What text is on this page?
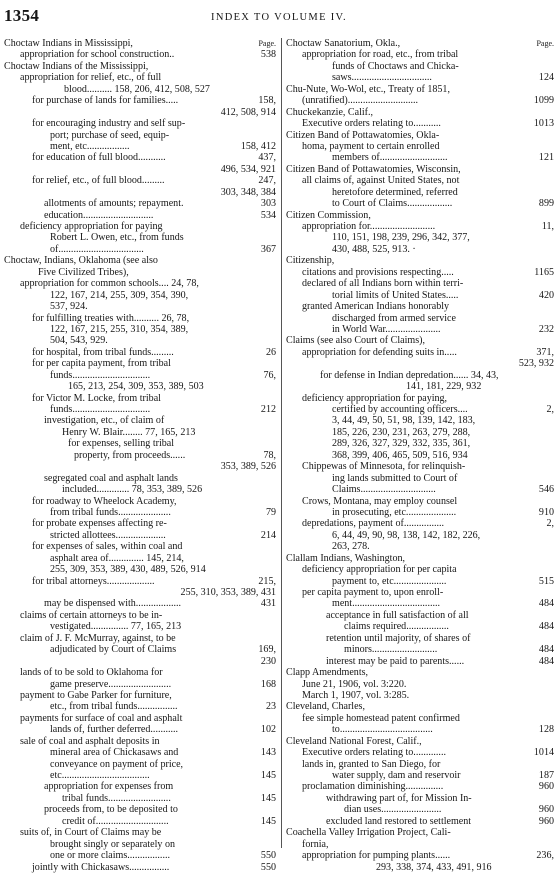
1354	INDEX TO VOLUME IV.
Choctaw Indians in Mississippi,	Page.
appropriation for school construction..	538
Choctaw Indians of the Mississippi,
appropriation for relief, etc., of full
blood.......... 158, 206, 412, 508, 527
for purchase of lands for families.....	158,
412, 508, 914
for encouraging industry and self sup-
port; purchase of seed, equip-
ment, etc.................	158, 412
for education of full blood...........	437,
496, 534, 921
for relief, etc., of full blood.........	247,
303, 348, 384
allotments of amounts; repayment.	303
education............................	534
deficiency appropriation for paying
Robert L. Owen, etc., from funds
of..................................	367
Choctaw, Indians, Oklahoma (see also
Five Civilized Tribes),
appropriation for common schools.... 24, 78,
122, 167, 214, 255, 309, 354, 390,
537, 924.
for fulfilling treaties with.......... 26, 78,
122, 167, 215, 255, 310, 354, 389,
504, 543, 929.
for hospital, from tribal funds.........	26
for per capita payment, from tribal
funds...............................	76,
165, 213, 254, 309, 353, 389, 503
for Victor M. Locke, from tribal
funds...............................	212
investigation, etc., of claim of
Henry W. Blair........ 77, 165, 213
for expenses, selling tribal
property, from proceeds......	78,
353, 389, 526
segregated coal and asphalt lands
included............. 78, 353, 389, 526
for roadway to Wheelock Academy,
from tribal funds.....................	79
for probate expenses affecting re-
stricted allottees....................	214
for expenses of sales, within coal and
asphalt area of.............. 145, 214,
255, 309, 353, 389, 430, 489, 526, 914
for tribal attorneys...................	215,
255, 310, 353, 389, 431
may be dispensed with..................	431
claims of certain attorneys to be in-
vestigated............... 77, 165, 213
claim of J. F. McMurray, against, to be
adjudicated by Court of Claims	169,
230
lands of to be sold to Oklahoma for
game preserve.........................	168
payment to Gabe Parker for furniture,
etc., from tribal funds................	23
payments for surface of coal and asphalt
lands of, further deferred...........	102
sale of coal and asphalt deposits in
mineral area of Chickasaws and	143
conveyance on payment of price,
etc...................................	145
appropriation for expenses from
tribal funds.........................	145
proceeds from, to be deposited to
credit of.............................	145
suits of, in Court of Claims may be
brought singly or separately on
one or more claims.................	550
jointly with Chickasaws................	550
Choctaw Sanatorium, Okla.,	Page.
appropriation for road, etc., from tribal
funds of Choctaws and Chicka-
saws................................	124
Chu-Nute, Wo-Wol, etc., Treaty of 1851,
(unratified)............................	1099
Chuckekanzie, Calif.,
Executive orders relating to...........	1013
Citizen Band of Pottawatomies, Okla-
homa, payment to certain enrolled
members of...........................	121
Citizen Band of Pottawatomies, Wisconsin,
all claims of, against United States, not
heretofore determined, referred
to Court of Claims..................	899
Citizen Commission,
appropriation for..........................	11,
110, 151, 198, 239, 296, 342, 377,
430, 488, 525, 913. ·
Citizenship,
citations and provisions respecting.....	1165
declared of all Indians born within terri-
torial limits of United States.....	420
granted American Indians honorably
discharged from armed service
in World War......................	232
Claims (see also Court of Claims),
appropriation for defending suits in.....	371,
523, 932
for defense in Indian depredation...... 34, 43,
141, 181, 229, 932
deficiency appropriation for paying,
certified by accounting officers....	2,
3, 44, 49, 50, 51, 98, 139, 142, 183,
185, 226, 230, 231, 263, 279, 288,
289, 326, 327, 329, 332, 335, 361,
368, 399, 406, 465, 509, 516, 934
Chippewas of Minnesota, for relinquish-
ing lands submitted to Court of
Claims..............................	546
Crows, Montana, may employ counsel
in prosecuting, etc....................	910
depredations, payment of................	2,
6, 44, 49, 90, 98, 138, 142, 182, 226,
263, 278.
Clallam Indians, Washington,
deficiency appropriation for per capita
payment to, etc.....................	515
per capita payment to, upon enroll-
ment...................................	484
acceptance in full satisfaction of all
claims required.................	484
retention until majority, of shares of
minors..........................	484
interest may be paid to parents......	484
Clapp Amendments,
June 21, 1906, vol. 3:220.
March 1, 1907, vol. 3:285.
Cleveland, Charles,
fee simple homestead patent confirmed
to.....................................	128
Cleveland National Forest, Calif.,
Executive orders relating to.............	1014
lands in, granted to San Diego, for
water supply, dam and reservoir	187
proclamation diminishing...............	960
withdrawing part of, for Mission In-
dian uses........................	960
excluded land restored to settlement	960
Coachella Valley Irrigation Project, Cali-
fornia,
appropriation for pumping plants......	236,
293, 338, 374, 433, 491, 916
